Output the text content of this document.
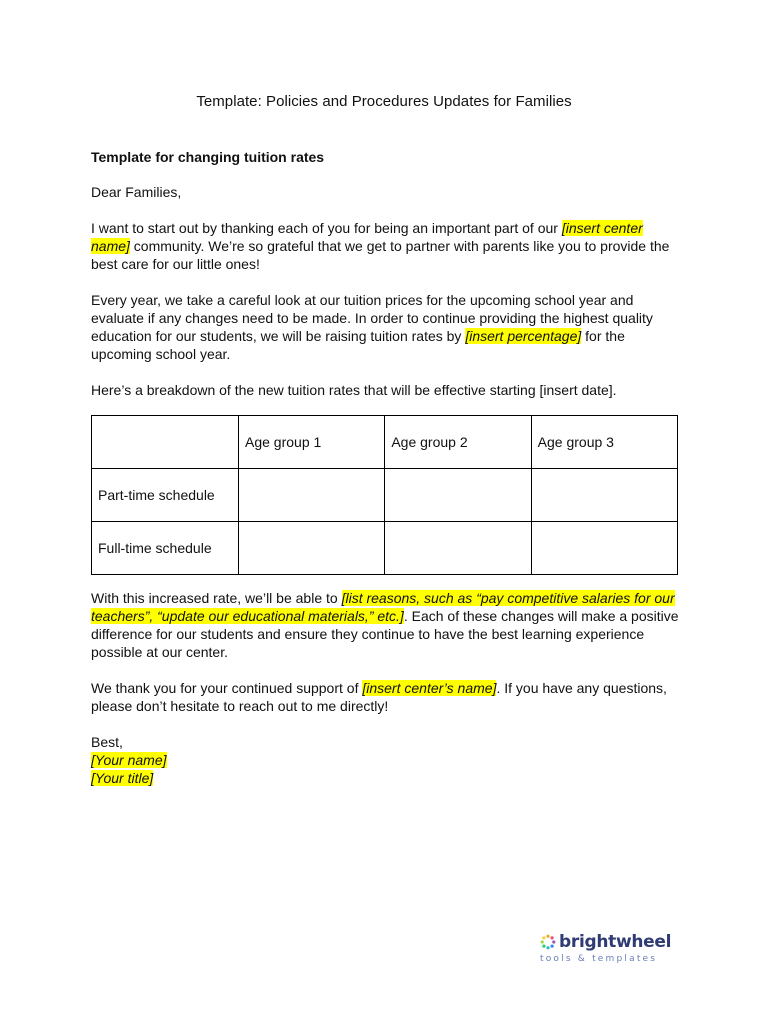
Template: Policies and Procedures Updates for Families
Template for changing tuition rates

Dear Families,

I want to start out by thanking each of you for being an important part of our [insert center name] community. We’re so grateful that we get to partner with parents like you to provide the best care for our little ones!

Every year, we take a careful look at our tuition prices for the upcoming school year and evaluate if any changes need to be made. In order to continue providing the highest quality education for our students, we will be raising tuition rates by [insert percentage] for the upcoming school year.

Here’s a breakdown of the new tuition rates that will be effective starting [insert date].

	Age group 1	Age group 2	Age group 3
Part-time schedule			
Full-time schedule			

With this increased rate, we’ll be able to [list reasons, such as “pay competitive salaries for our teachers”, “update our educational materials,” etc.]. Each of these changes will make a positive difference for our students and ensure they continue to have the best learning experience possible at our center.

We thank you for your continued support of [insert center’s name]. If you have any questions, please don’t hesitate to reach out to me directly!

Best,

[Your name]

[Your title]

brightwheel
tools & templates
